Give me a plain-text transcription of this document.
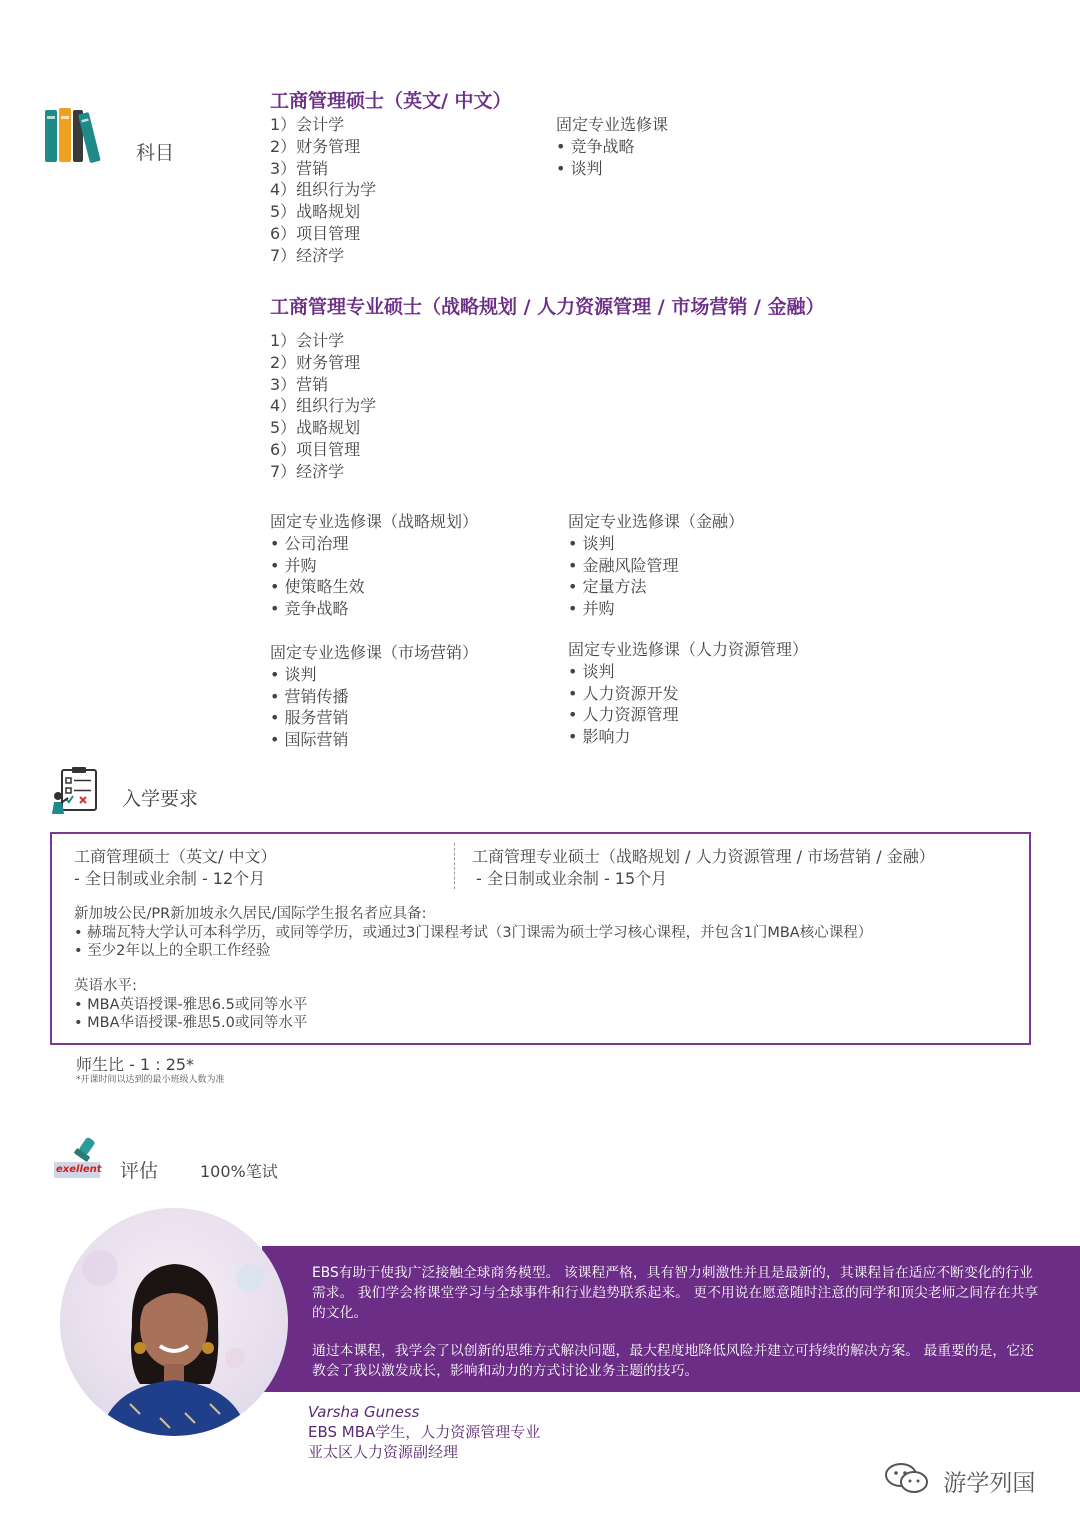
科目
工商管理硕士（英文/ 中文）
1）会计学
2）财务管理
3）营销
4）组织行为学
5）战略规划
6）项目管理
7）经济学
固定专业选修课
• 竞争战略
• 谈判
工商管理专业硕士（战略规划 / 人力资源管理 / 市场营销 / 金融）
1）会计学
2）财务管理
3）营销
4）组织行为学
5）战略规划
6）项目管理
7）经济学
固定专业选修课（战略规划）
• 公司治理
• 并购
• 使策略生效
• 竞争战略
固定专业选修课（金融）
• 谈判
• 金融风险管理
• 定量方法
• 并购
固定专业选修课（市场营销）
• 谈判
• 营销传播
• 服务营销
• 国际营销
固定专业选修课（人力资源管理）
• 谈判
• 人力资源开发
• 人力资源管理
• 影响力
入学要求
工商管理硕士（英文/ 中文）
- 全日制或业余制 - 12个月
工商管理专业硕士（战略规划 / 人力资源管理 / 市场营销 / 金融）
- 全日制或业余制 - 15个月
新加坡公民/PR新加坡永久居民/国际学生报名者应具备:
• 赫瑞瓦特大学认可本科学历，或同等学历，或通过3门课程考试（3门课需为硕士学习核心课程，并包含1门MBA核心课程）
• 至少2年以上的全职工作经验
英语水平:
• MBA英语授课-雅思6.5或同等水平
• MBA华语授课-雅思5.0或同等水平
师生比 - 1 : 25*
*开课时间以达到的最小班级人数为准
exellent 评估	100%笔试

EBS有助于使我广泛接触全球商务模型。 该课程严格，具有智力刺激性并且是最新的，其课程旨在适应不断变化的行业需求。 我们学会将课堂学习与全球事件和行业趋势联系起来。 更不用说在愿意随时注意的同学和顶尖老师之间存在共享的文化。

通过本课程，我学会了以创新的思维方式解决问题，最大程度地降低风险并建立可持续的解决方案。 最重要的是，它还教会了我以激发成长，影响和动力的方式讨论业务主题的技巧。

Varsha Guness
EBS MBA学生，人力资源管理专业
亚太区人力资源副经理
游学列国
